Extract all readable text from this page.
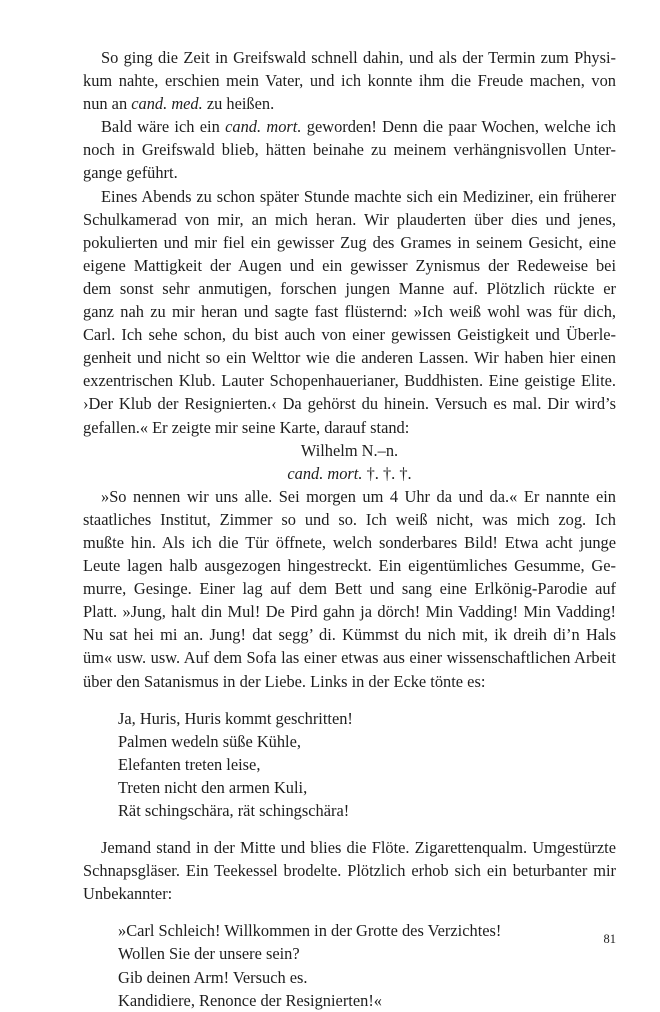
So ging die Zeit in Greifswald schnell dahin, und als der Termin zum Physi-
kum nahte, erschien mein Vater, und ich konnte ihm die Freude machen, von
nun an cand. med. zu heißen.
Bald wäre ich ein cand. mort. geworden! Denn die paar Wochen, welche ich
noch in Greifswald blieb, hätten beinahe zu meinem verhängnisvollen Unter-
gange geführt.
Eines Abends zu schon später Stunde machte sich ein Mediziner, ein früherer
Schulkamerad von mir, an mich heran. Wir plauderten über dies und jenes,
pokulierten und mir fiel ein gewisser Zug des Grames in seinem Gesicht, eine
eigene Mattigkeit der Augen und ein gewisser Zynismus der Redeweise bei
dem sonst sehr anmutigen, forschen jungen Manne auf. Plötzlich rückte er
ganz nah zu mir heran und sagte fast flüsternd: »Ich weiß wohl was für dich,
Carl. Ich sehe schon, du bist auch von einer gewissen Geistigkeit und Überle-
genheit und nicht so ein Welttor wie die anderen Lassen. Wir haben hier einen
exzentrischen Klub. Lauter Schopenhauerianer, Buddhisten. Eine geistige Elite.
›Der Klub der Resignierten.‹ Da gehörst du hinein. Versuch es mal. Dir wird’s
gefallen.« Er zeigte mir seine Karte, darauf stand:
Wilhelm N.–n.
cand. mort. †. †. †.
»So nennen wir uns alle. Sei morgen um 4 Uhr da und da.« Er nannte ein
staatliches Institut, Zimmer so und so. Ich weiß nicht, was mich zog. Ich
mußte hin. Als ich die Tür öffnete, welch sonderbares Bild! Etwa acht junge
Leute lagen halb ausgezogen hingestreckt. Ein eigentümliches Gesumme, Ge-
murre, Gesinge. Einer lag auf dem Bett und sang eine Erlkönig-Parodie auf
Platt. »Jung, halt din Mul! De Pird gahn ja dörch! Min Vadding! Min Vadding!
Nu sat hei mi an. Jung! dat segg’ di. Kümmst du nich mit, ik dreih di’n Hals
üm« usw. usw. Auf dem Sofa las einer etwas aus einer wissenschaftlichen Arbeit
über den Satanismus in der Liebe. Links in der Ecke tönte es:
Ja, Huris, Huris kommt geschritten!
Palmen wedeln süße Kühle,
Elefanten treten leise,
Treten nicht den armen Kuli,
Rät schingschära, rät schingschära!
Jemand stand in der Mitte und blies die Flöte. Zigarettenqualm. Umgestürzte
Schnapsgläser. Ein Teekessel brodelte. Plötzlich erhob sich ein beturbanter mir
Unbekannter:
»Carl Schleich! Willkommen in der Grotte des Verzichtes!
Wollen Sie der unsere sein?
Gib deinen Arm! Versuch es.
Kandidiere, Renonce der Resignierten!«
81
